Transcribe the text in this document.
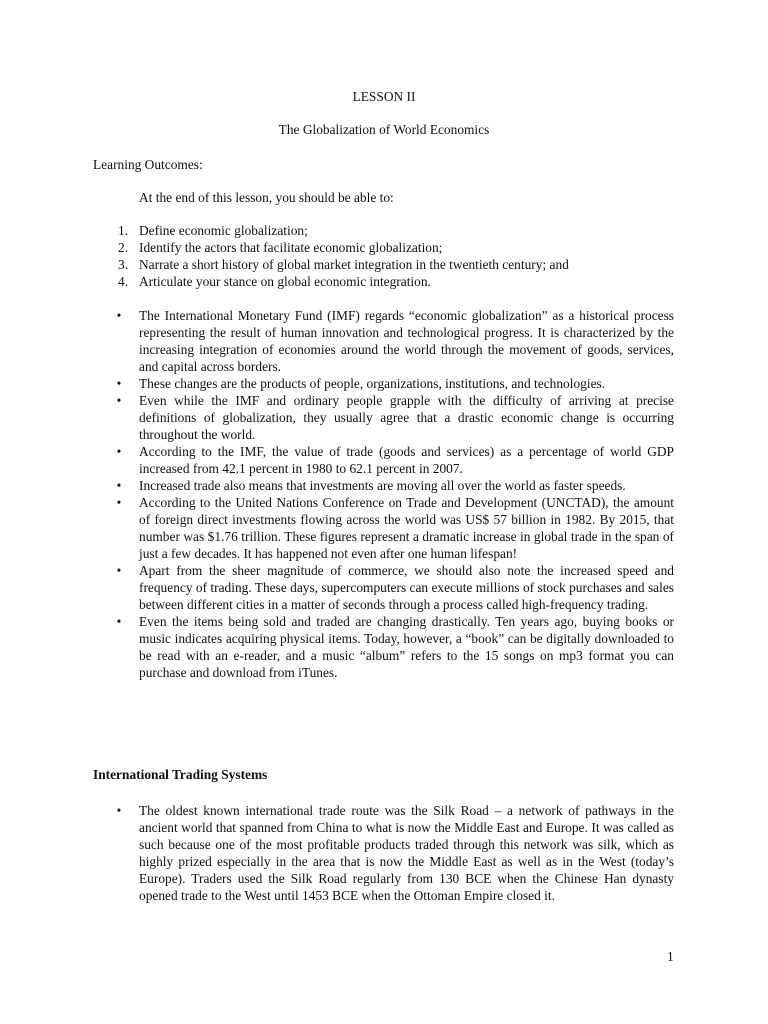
LESSON II
The Globalization of World Economics
Learning Outcomes:
At the end of this lesson, you should be able to:
1. Define economic globalization;
2. Identify the actors that facilitate economic globalization;
3. Narrate a short history of global market integration in the twentieth century; and
4. Articulate your stance on global economic integration.
•	The International Monetary Fund (IMF) regards “economic globalization” as a historical process representing the result of human innovation and technological progress. It is characterized by the increasing integration of economies around the world through the movement of goods, services, and capital across borders.
•	These changes are the products of people, organizations, institutions, and technologies.
•	Even while the IMF and ordinary people grapple with the difficulty of arriving at precise definitions of globalization, they usually agree that a drastic economic change is occurring throughout the world.
•	According to the IMF, the value of trade (goods and services) as a percentage of world GDP increased from 42.1 percent in 1980 to 62.1 percent in 2007.
•	Increased trade also means that investments are moving all over the world as faster speeds.
•	According to the United Nations Conference on Trade and Development (UNCTAD), the amount of foreign direct investments flowing across the world was US$ 57 billion in 1982. By 2015, that number was $1.76 trillion. These figures represent a dramatic increase in global trade in the span of just a few decades. It has happened not even after one human lifespan!
•	Apart from the sheer magnitude of commerce, we should also note the increased speed and frequency of trading. These days, supercomputers can execute millions of stock purchases and sales between different cities in a matter of seconds through a process called high-frequency trading.
•	Even the items being sold and traded are changing drastically. Ten years ago, buying books or music indicates acquiring physical items. Today, however, a “book” can be digitally downloaded to be read with an e-reader, and a music “album” refers to the 15 songs on mp3 format you can purchase and download from iTunes.
International Trading Systems
•	The oldest known international trade route was the Silk Road – a network of pathways in the ancient world that spanned from China to what is now the Middle East and Europe. It was called as such because one of the most profitable products traded through this network was silk, which as highly prized especially in the area that is now the Middle East as well as in the West (today’s Europe). Traders used the Silk Road regularly from 130 BCE when the Chinese Han dynasty opened trade to the West until 1453 BCE when the Ottoman Empire closed it.
1
